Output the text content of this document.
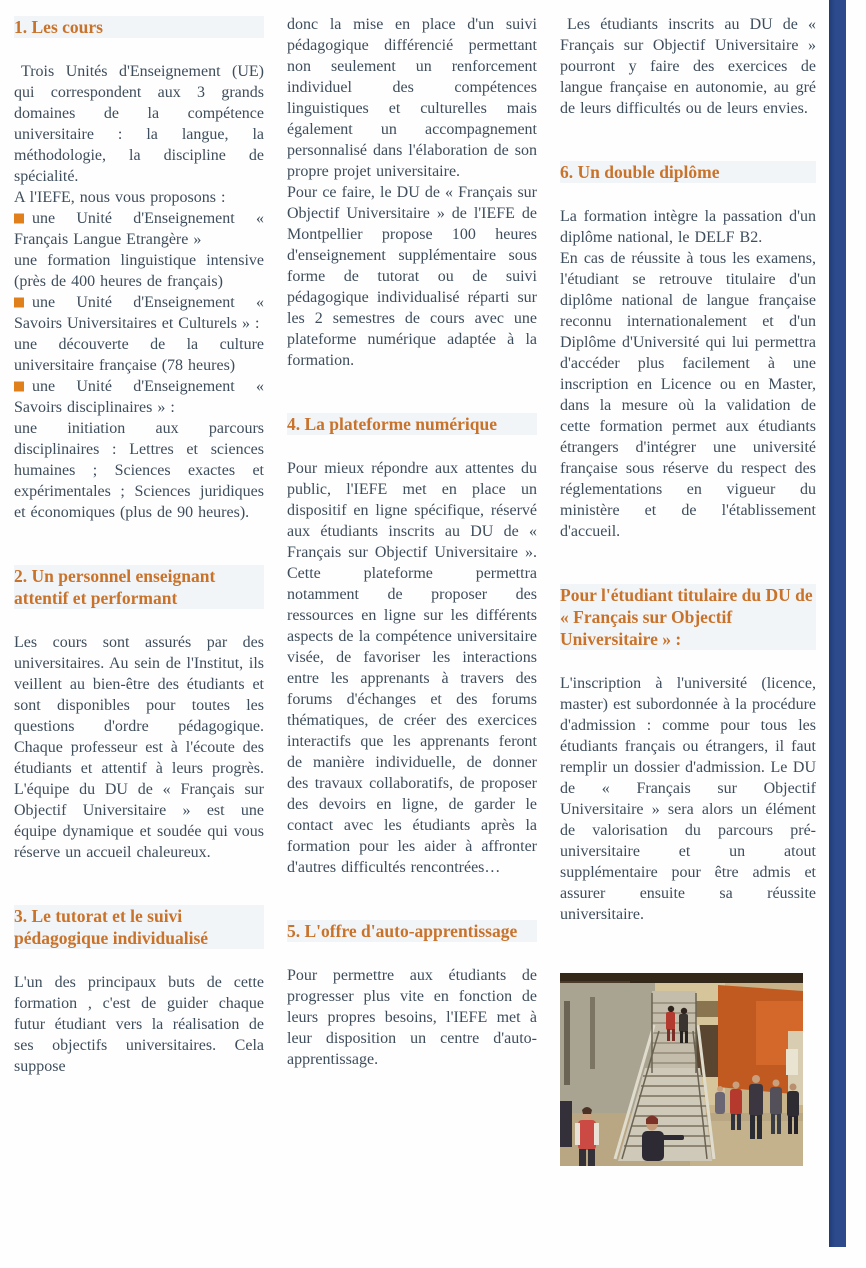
1. Les cours

Trois Unités d'Enseignement (UE) qui correspondent aux 3 grands domaines de la compétence universitaire : la langue, la méthodologie, la discipline de spécialité.

A l'IEFE, nous vous proposons :

une Unité d'Enseignement « Français Langue Etrangère »

une formation linguistique intensive (près de 400 heures de français)

une Unité d'Enseignement « Savoirs Universitaires et Culturels » :

une découverte de la culture universitaire française (78 heures)

une Unité d'Enseignement « Savoirs disciplinaires » :

une initiation aux parcours disciplinaires : Lettres et sciences humaines ; Sciences exactes et expérimentales ; Sciences juridiques et économiques (plus de 90 heures).

2. Un personnel enseignant attentif et performant

Les cours sont assurés par des universitaires. Au sein de l'Institut, ils veillent au bien-être des étudiants et sont disponibles pour toutes les questions d'ordre pédagogique. Chaque professeur est à l'écoute des étudiants et attentif à leurs progrès. L'équipe du DU de « Français sur Objectif Universitaire » est une équipe dynamique et soudée qui vous réserve un accueil chaleureux.

3. Le tutorat et le suivi pédagogique individualisé

L'un des principaux buts de cette formation , c'est de guider chaque futur étudiant vers la réalisation de ses objectifs universitaires. Cela suppose

donc la mise en place d'un suivi pédagogique différencié permettant non seulement un renforcement individuel des compétences linguistiques et culturelles mais également un accompagnement personnalisé dans l'élaboration de son propre projet universitaire.

Pour ce faire, le DU de « Français sur Objectif Universitaire » de l'IEFE de Montpellier propose 100 heures d'enseignement supplémentaire sous forme de tutorat ou de suivi pédagogique individualisé réparti sur les 2 semestres de cours avec une plateforme numérique adaptée à la formation.

4. La plateforme numérique

Pour mieux répondre aux attentes du public, l'IEFE met en place un dispositif en ligne spécifique, réservé aux étudiants inscrits au DU de « Français sur Objectif Universitaire ». Cette plateforme permettra notamment de proposer des ressources en ligne sur les différents aspects de la compétence universitaire visée, de favoriser les interactions entre les apprenants à travers des forums d'échanges et des forums thématiques, de créer des exercices interactifs que les apprenants feront de manière individuelle, de donner des travaux collaboratifs, de proposer des devoirs en ligne, de garder le contact avec les étudiants après la formation pour les aider à affronter d'autres difficultés rencontrées…

5. L'offre d'auto-apprentissage

Pour permettre aux étudiants de progresser plus vite en fonction de leurs propres besoins, l'IEFE met à leur disposition un centre d'auto-apprentissage.

Les étudiants inscrits au DU de « Français sur Objectif Universitaire » pourront y faire des exercices de langue française en autonomie, au gré de leurs difficultés ou de leurs envies.

6. Un double diplôme

La formation intègre la passation d'un diplôme national, le DELF B2.

En cas de réussite à tous les examens, l'étudiant se retrouve titulaire d'un diplôme national de langue française reconnu internationalement et d'un Diplôme d'Université qui lui permettra d'accéder plus facilement à une inscription en Licence ou en Master, dans la mesure où la validation de cette formation permet aux étudiants étrangers d'intégrer une université française sous réserve du respect des réglementations en vigueur du ministère et de l'établissement d'accueil.

Pour l'étudiant titulaire du DU de « Français sur Objectif Universitaire » :

L'inscription à l'université (licence, master) est subordonnée à la procédure d'admission : comme pour tous les étudiants français ou étrangers, il faut remplir un dossier d'admission. Le DU de « Français sur Objectif Universitaire » sera alors un élément de valorisation du parcours pré-universitaire et un atout supplémentaire pour être admis et assurer ensuite sa réussite universitaire.
